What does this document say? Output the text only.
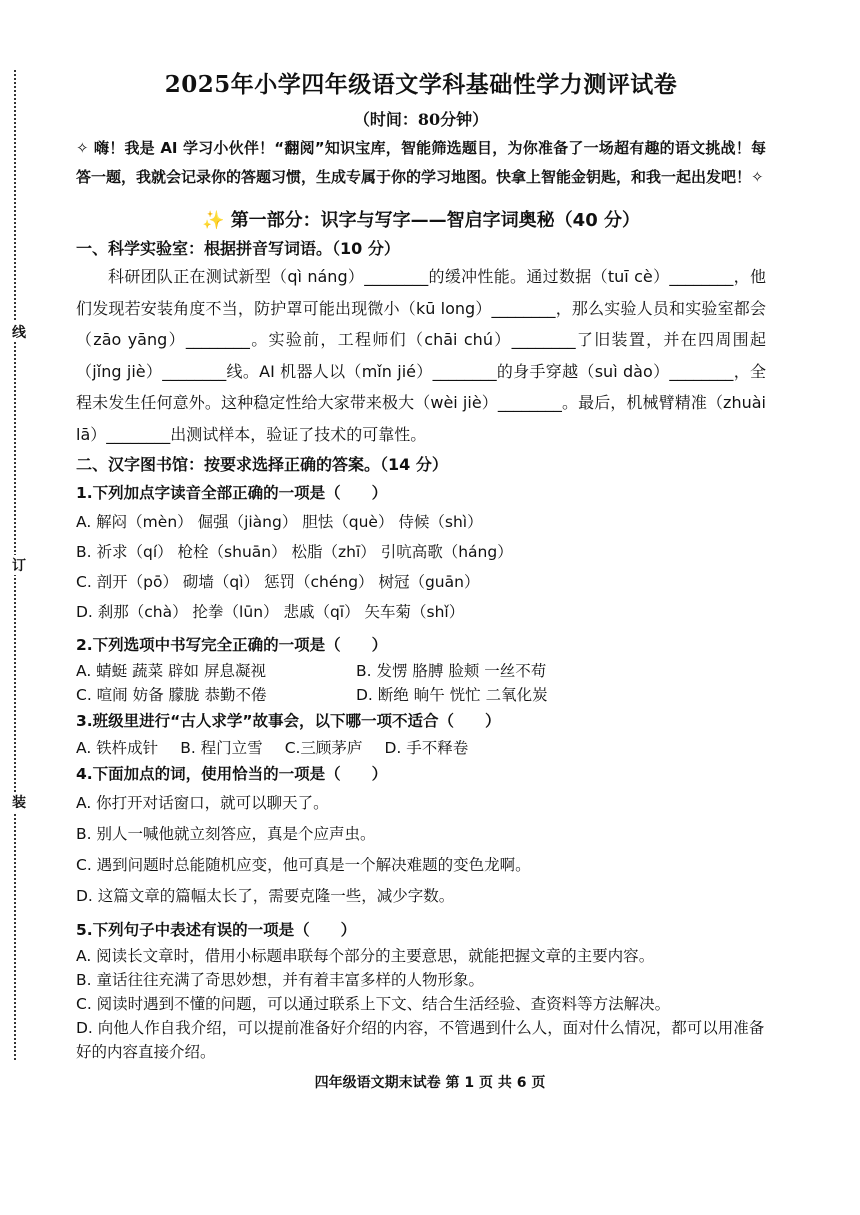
线
订
装
2025年小学四年级语文学科基础性学力测评试卷
（时间：80分钟）

✧ 嗨！我是 AI 学习小伙伴！“翻阅”知识宝库，智能筛选题目，为你准备了一场超有趣的语文挑战！每答一题，我就会记录你的答题习惯，生成专属于你的学习地图。快拿上智能金钥匙，和我一起出发吧！✧

✨ 第一部分：识字与写字——智启字词奥秘（40 分）
一、科学实验室：根据拼音写词语。（10 分）

科研团队正在测试新型（qì náng）________的缓冲性能。通过数据（tuī cè）________，他们发现若安装角度不当，防护罩可能出现微小（kū long）________，那么实验人员和实验室都会（zāo yāng）________。实验前，工程师们（chāi chú）________了旧装置，并在四周围起（jǐng jiè）________线。AI 机器人以（mǐn jié）________的身手穿越（suì dào）________，全程未发生任何意外。这种稳定性给大家带来极大（wèi jiè）________。最后，机械臂精准（zhuài lā）________出测试样本，验证了技术的可靠性。

二、汉字图书馆：按要求选择正确的答案。（14 分）
1.下列加点字读音全部正确的一项是（　　）
A. 解闷（mèn） 倔强（jiàng） 胆怯（què） 侍候（shì）
B. 祈求（qí） 枪栓（shuān） 松脂（zhī） 引吭高歌（háng）
C. 剖开（pō） 砌墙（qì） 惩罚（chéng） 树冠（guān）
D. 刹那（chà） 抡拳（lūn） 悲戚（qī） 矢车菊（shǐ）
2.下列选项中书写完全正确的一项是（　　）
A. 蜻蜓 蔬菜 辟如 屏息凝视	B. 发愣 胳膊 脸颊 一丝不苟
C. 喧闹 妨备 朦胧 恭勤不倦	D. 断绝 晌午 恍忙 二氧化炭
3.班级里进行“古人求学”故事会，以下哪一项不适合（　　）
A. 铁杵成针 B. 程门立雪 C.三顾茅庐 D. 手不释卷
4.下面加点的词，使用恰当的一项是（　　）
A. 你打开对话窗口，就可以聊天了。
B. 别人一喊他就立刻答应，真是个应声虫。
C. 遇到问题时总能随机应变，他可真是一个解决难题的变色龙啊。
D. 这篇文章的篇幅太长了，需要克隆一些，减少字数。
5.下列句子中表述有误的一项是（　　）
A. 阅读长文章时，借用小标题串联每个部分的主要意思，就能把握文章的主要内容。
B. 童话往往充满了奇思妙想，并有着丰富多样的人物形象。
C. 阅读时遇到不懂的问题，可以通过联系上下文、结合生活经验、查资料等方法解决。
D. 向他人作自我介绍，可以提前准备好介绍的内容，不管遇到什么人，面对什么情况，都可以用准备好的内容直接介绍。
四年级语文期末试卷 第 1 页 共 6 页
